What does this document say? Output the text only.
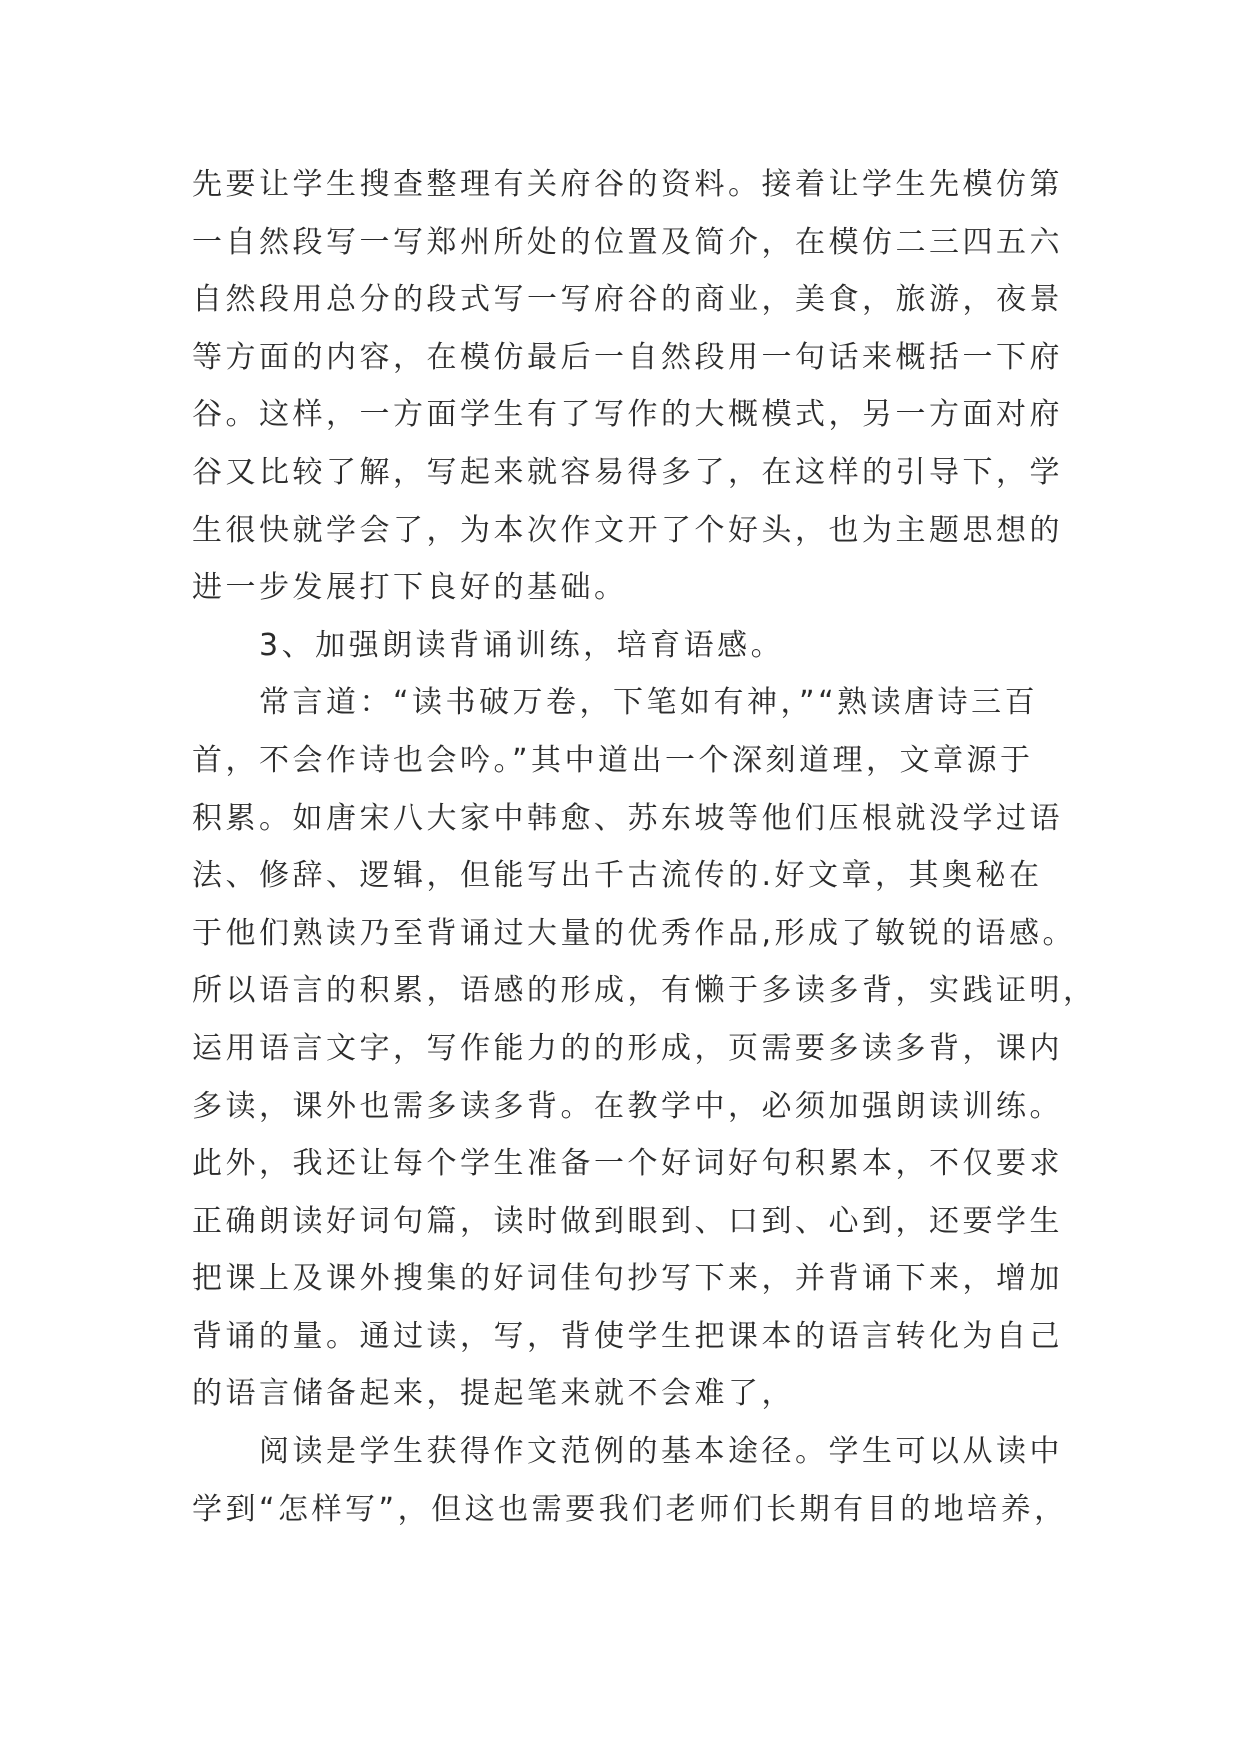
先要让学生搜查整理有关府谷的资料。接着让学生先模仿第
一自然段写一写郑州所处的位置及简介，在模仿二三四五六
自然段用总分的段式写一写府谷的商业，美食，旅游，夜景
等方面的内容，在模仿最后一自然段用一句话来概括一下府
谷。这样，一方面学生有了写作的大概模式，另一方面对府
谷又比较了解，写起来就容易得多了，在这样的引导下，学
生很快就学会了，为本次作文开了个好头，也为主题思想的
进一步发展打下良好的基础。
　　3、加强朗读背诵训练，培育语感。
　　常言道：“读书破万卷，下笔如有神，”“熟读唐诗三百
首，不会作诗也会吟。”其中道出一个深刻道理，文章源于
积累。如唐宋八大家中韩愈、苏东坡等他们压根就没学过语
法、修辞、逻辑，但能写出千古流传的.好文章，其奥秘在
于他们熟读乃至背诵过大量的优秀作品,形成了敏锐的语感。
所以语言的积累，语感的形成，有懒于多读多背，实践证明，
运用语言文字，写作能力的的形成，页需要多读多背，课内
多读，课外也需多读多背。在教学中，必须加强朗读训练。
此外，我还让每个学生准备一个好词好句积累本，不仅要求
正确朗读好词句篇，读时做到眼到、口到、心到，还要学生
把课上及课外搜集的好词佳句抄写下来，并背诵下来，增加
背诵的量。通过读，写，背使学生把课本的语言转化为自己
的语言储备起来，提起笔来就不会难了，
　　阅读是学生获得作文范例的基本途径。学生可以从读中
学到“怎样写”，但这也需要我们老师们长期有目的地培养，
